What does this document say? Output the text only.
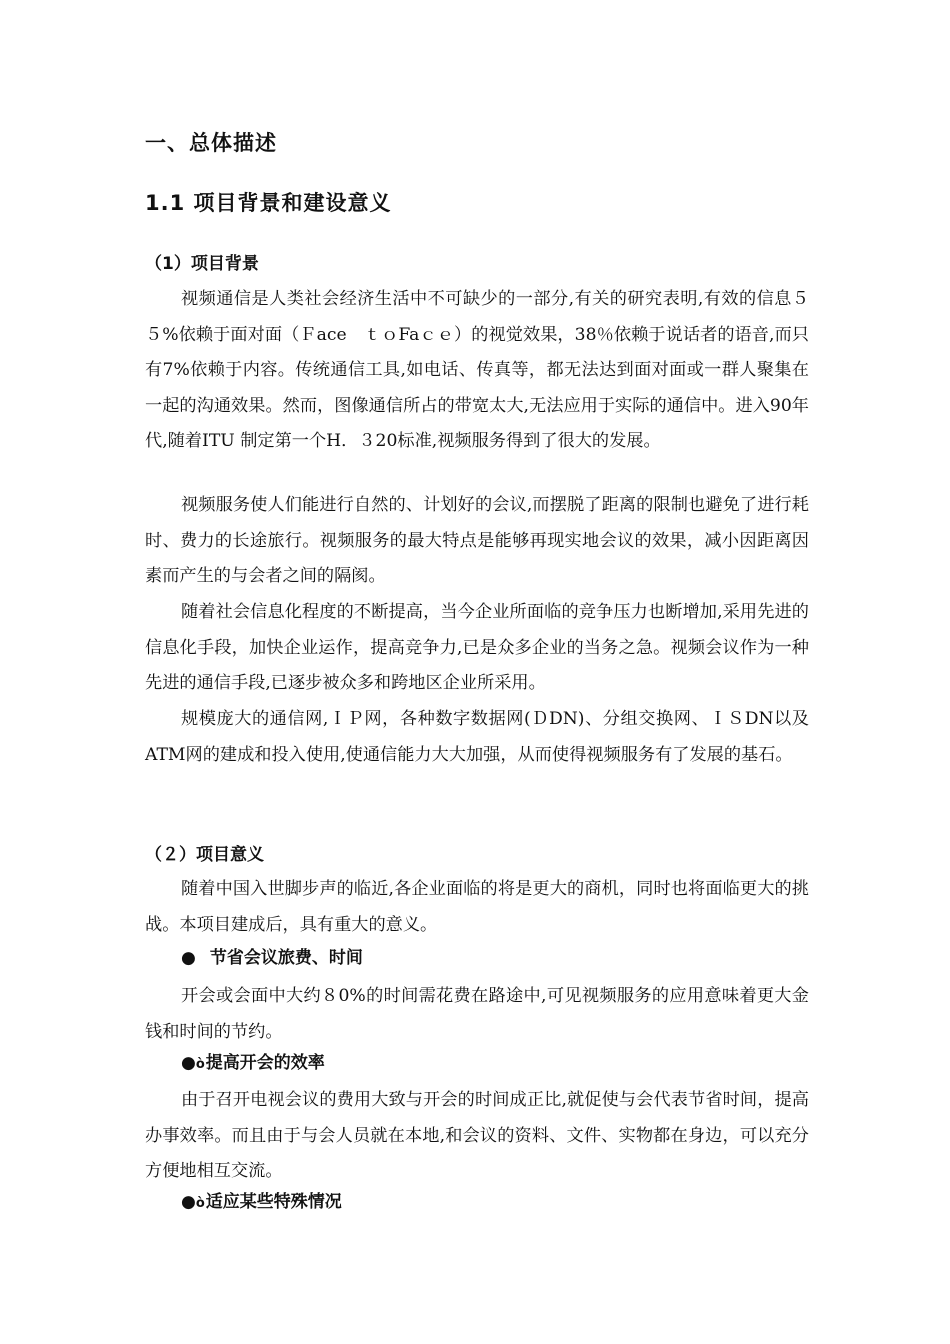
一、总体描述
1.1 项目背景和建设意义
（1）项目背景

视频通信是人类社会经济生活中不可缺少的一部分,有关的研究表明,有效的信息５５%依赖于面对面（Ｆace　ｔｏFaｃｅ）的视觉效果，38％依赖于说话者的语音,而只有7%依赖于内容。传统通信工具,如电话、传真等，都无法达到面对面或一群人聚集在一起的沟通效果。然而，图像通信所占的带宽太大,无法应用于实际的通信中。进入90年代,随着ITU 制定第一个H．３20标准,视频服务得到了很大的发展。

视频服务使人们能进行自然的、计划好的会议,而摆脱了距离的限制也避免了进行耗时、费力的长途旅行。视频服务的最大特点是能够再现实地会议的效果，减小因距离因素而产生的与会者之间的隔阂。

随着社会信息化程度的不断提高，当今企业所面临的竞争压力也断增加,采用先进的信息化手段，加快企业运作，提高竞争力,已是众多企业的当务之急。视频会议作为一种先进的通信手段,已逐步被众多和跨地区企业所采用。

规模庞大的通信网,ＩＰ网，各种数字数据网(ＤDN)、分组交换网、ＩＳDN以及ATM网的建成和投入使用,使通信能力大大加强，从而使得视频服务有了发展的基石。

（２）项目意义

随着中国入世脚步声的临近,各企业面临的将是更大的商机，同时也将面临更大的挑战。本项目建成后，具有重大的意义。

● 节省会议旅费、时间

开会或会面中大约８0%的时间需花费在路途中,可见视频服务的应用意味着更大金钱和时间的节约。

●ò提高开会的效率

由于召开电视会议的费用大致与开会的时间成正比,就促使与会代表节省时间，提高办事效率。而且由于与会人员就在本地,和会议的资料、文件、实物都在身边，可以充分方便地相互交流。

●ò适应某些特殊情况
